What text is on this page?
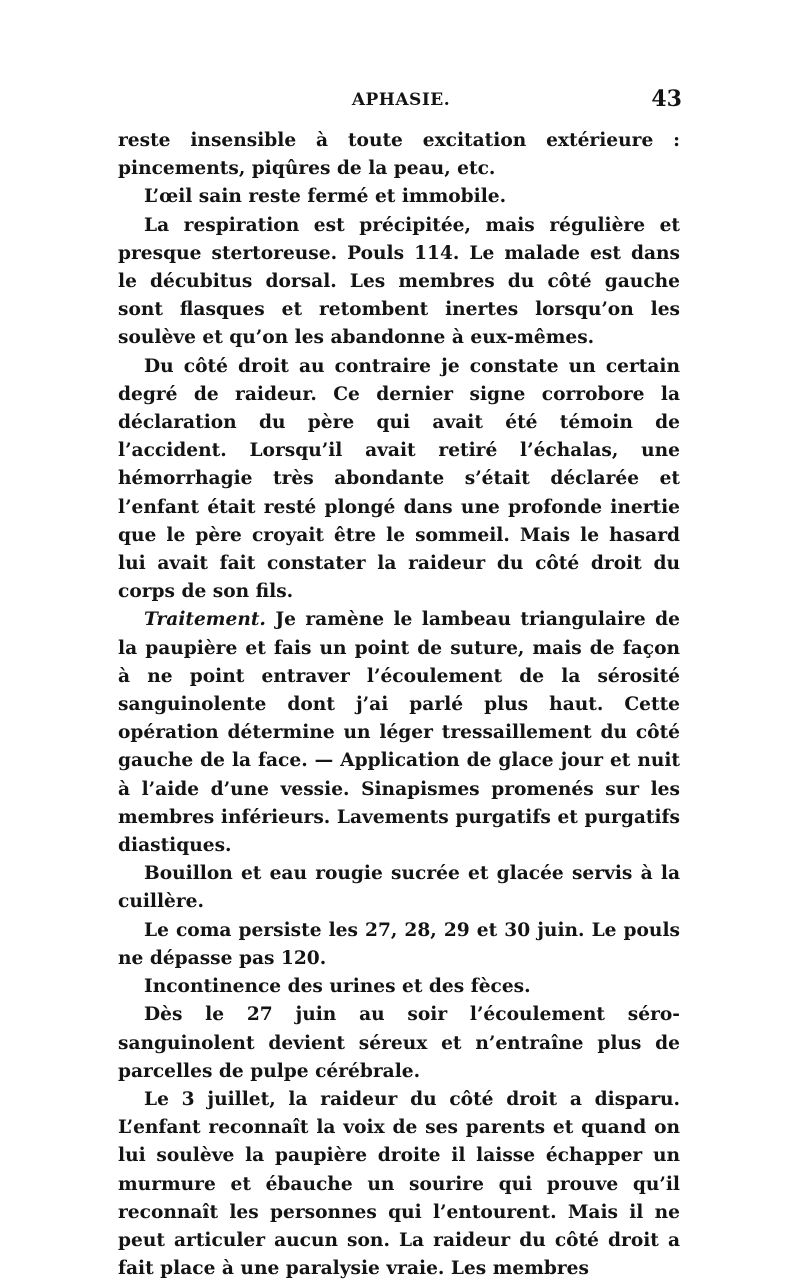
APHASIE.	43

reste insensible à toute excitation extérieure : pincements, piqûres de la peau, etc.

L’œil sain reste fermé et immobile.

La respiration est précipitée, mais régulière et presque stertoreuse. Pouls 114. Le malade est dans le décubitus dorsal. Les membres du côté gauche sont flasques et retombent inertes lorsqu’on les soulève et qu’on les abandonne à eux-mêmes.

Du côté droit au contraire je constate un certain degré de raideur. Ce dernier signe corrobore la déclaration du père qui avait été témoin de l’accident. Lorsqu’il avait retiré l’échalas, une hémorrhagie très abondante s’était déclarée et l’enfant était resté plongé dans une profonde inertie que le père croyait être le sommeil. Mais le hasard lui avait fait constater la raideur du côté droit du corps de son fils.

Traitement. Je ramène le lambeau triangulaire de la paupière et fais un point de suture, mais de façon à ne point entraver l’écoulement de la sérosité sanguinolente dont j’ai parlé plus haut. Cette opération détermine un léger tressaillement du côté gauche de la face. — Application de glace jour et nuit à l’aide d’une vessie. Sinapismes promenés sur les membres inférieurs. Lavements purgatifs et purgatifs diastiques.

Bouillon et eau rougie sucrée et glacée servis à la cuillère.

Le coma persiste les 27, 28, 29 et 30 juin. Le pouls ne dépasse pas 120.

Incontinence des urines et des fèces.

Dès le 27 juin au soir l’écoulement séro-sanguinolent devient séreux et n’entraîne plus de parcelles de pulpe cérébrale.

Le 3 juillet, la raideur du côté droit a disparu. L’enfant reconnaît la voix de ses parents et quand on lui soulève la paupière droite il laisse échapper un murmure et ébauche un sourire qui prouve qu’il reconnaît les personnes qui l’entourent. Mais il ne peut articuler aucun son. La raideur du côté droit a fait place à une paralysie vraie. Les membres
